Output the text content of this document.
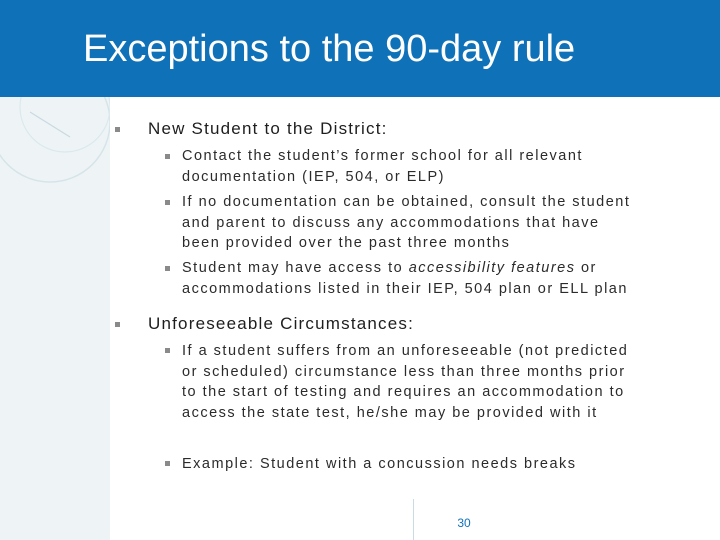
Exceptions to the 90-day rule
New Student to the District:
Contact the student’s former school for all relevant
documentation (IEP, 504, or ELP)
If no documentation can be obtained, consult the student
and parent to discuss any accommodations that have
been provided over the past three months
Student may have access to accessibility features or
accommodations listed in their IEP, 504 plan or ELL plan
Unforeseeable Circumstances:
If a student suffers from an unforeseeable (not predicted
or scheduled) circumstance less than three months prior
to the start of testing and requires an accommodation to
access the state test, he/she may be provided with it
Example: Student with a concussion needs breaks
30
